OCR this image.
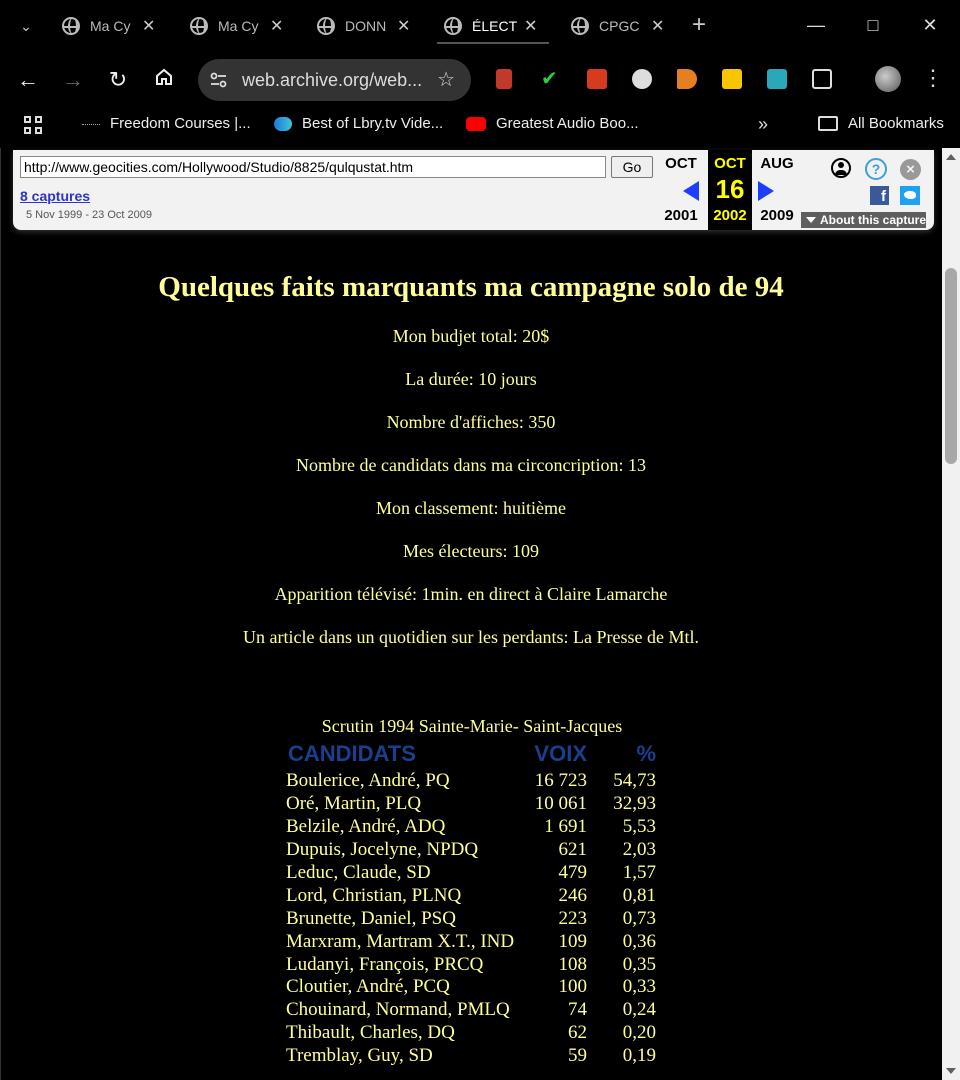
⌄	Ma Cy ✕	Ma Cy ✕	DONN ✕	ÉLECT ✕	CPGC ✕ +	—	□	✕
← → ↻	web.archive.org/web... ☆	✔	⋮
Freedom Courses |...	Best of Lbry.tv Vide...	Greatest Audio Boo...	»	All Bookmarks
http://www.geocities.com/Hollywood/Studio/8825/qulqustat.htm
Go
8 captures
5 Nov 1999 - 23 Oct 2009
OCT
2001
OCT
16
2002
AUG
2009
?	×
f
About this capture
Quelques faits marquants ma campagne solo de 94
Mon budjet total: 20$
La durée: 10 jours
Nombre d'affiches: 350
Nombre de candidats dans ma circoncription: 13
Mon classement: huitième
Mes électeurs: 109
Apparition télévisé: 1min. en direct à Claire Lamarche
Un article dans un quotidien sur les perdants: La Presse de Mtl.
Scrutin 1994 Sainte-Marie- Saint-Jacques
CANDIDATS	VOIX	%
Boulerice, André, PQ	16 723	54,73
Oré, Martin, PLQ	10 061	32,93
Belzile, André, ADQ	1 691	5,53
Dupuis, Jocelyne, NPDQ	621	2,03
Leduc, Claude, SD	479	1,57
Lord, Christian, PLNQ	246	0,81
Brunette, Daniel, PSQ	223	0,73
Marxram, Martram X.T., IND	109	0,36
Ludanyi, François, PRCQ	108	0,35
Cloutier, André, PCQ	100	0,33
Chouinard, Normand, PMLQ	74	0,24
Thibault, Charles, DQ	62	0,20
Tremblay, Guy, SD	59	0,19
